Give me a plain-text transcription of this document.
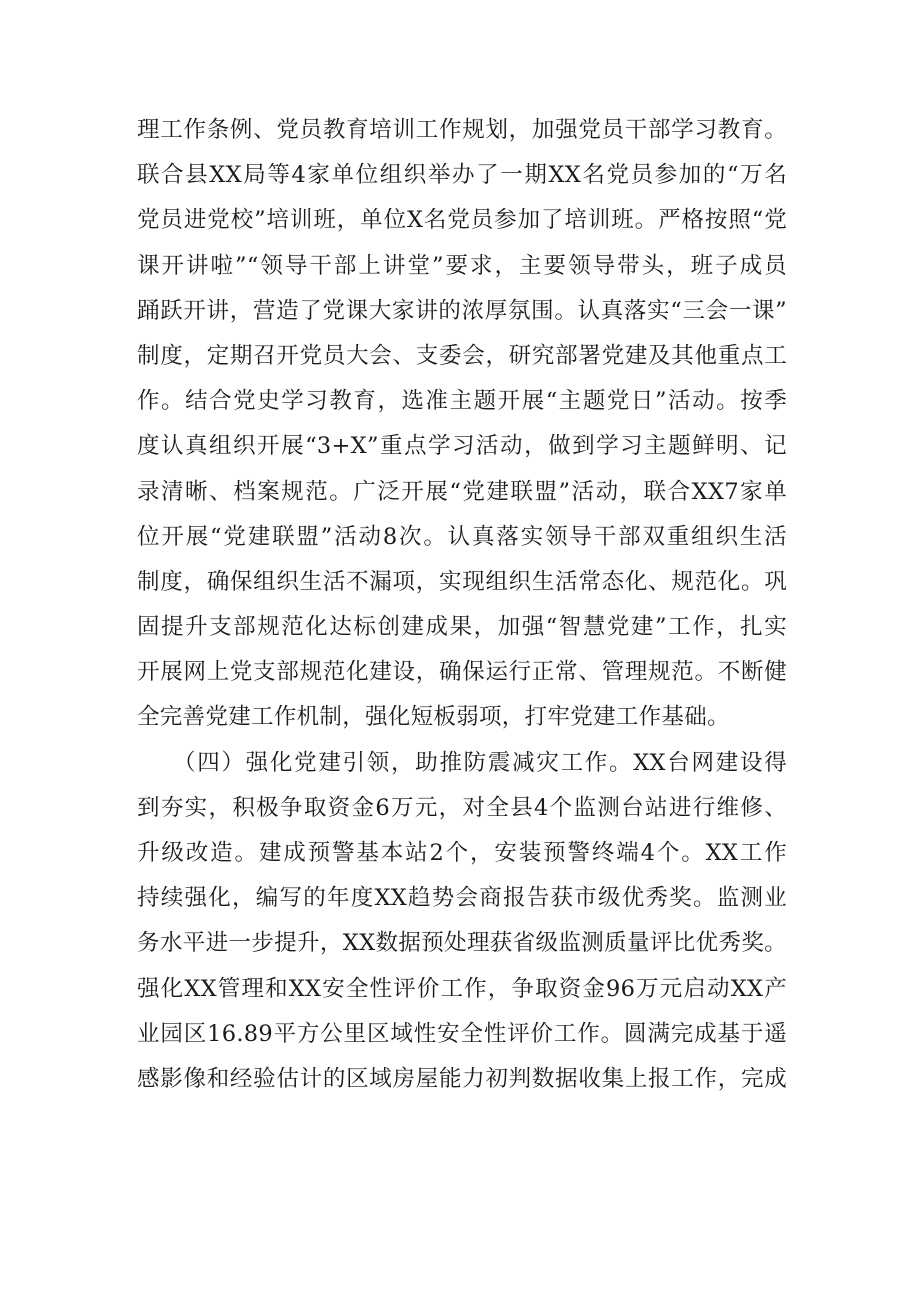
理工作条例、党员教育培训工作规划，加强党员干部学习教育。
联合县XX局等4家单位组织举办了一期XX名党员参加的“万名
党员进党校”培训班，单位X名党员参加了培训班。严格按照“党
课开讲啦”“领导干部上讲堂”要求，主要领导带头，班子成员
踊跃开讲，营造了党课大家讲的浓厚氛围。认真落实“三会一课”
制度，定期召开党员大会、支委会，研究部署党建及其他重点工
作。结合党史学习教育，选准主题开展“主题党日”活动。按季
度认真组织开展“3+X”重点学习活动，做到学习主题鲜明、记
录清晰、档案规范。广泛开展“党建联盟”活动，联合XX7家单
位开展“党建联盟”活动8次。认真落实领导干部双重组织生活
制度，确保组织生活不漏项，实现组织生活常态化、规范化。巩
固提升支部规范化达标创建成果，加强“智慧党建”工作，扎实
开展网上党支部规范化建设，确保运行正常、管理规范。不断健
全完善党建工作机制，强化短板弱项，打牢党建工作基础。
（四）强化党建引领，助推防震减灾工作。XX台网建设得
到夯实，积极争取资金6万元，对全县4个监测台站进行维修、
升级改造。建成预警基本站2个，安装预警终端4个。XX工作
持续强化，编写的年度XX趋势会商报告获市级优秀奖。监测业
务水平进一步提升，XX数据预处理获省级监测质量评比优秀奖。
强化XX管理和XX安全性评价工作，争取资金96万元启动XX产
业园区16.89平方公里区域性安全性评价工作。圆满完成基于遥
感影像和经验估计的区域房屋能力初判数据收集上报工作，完成
